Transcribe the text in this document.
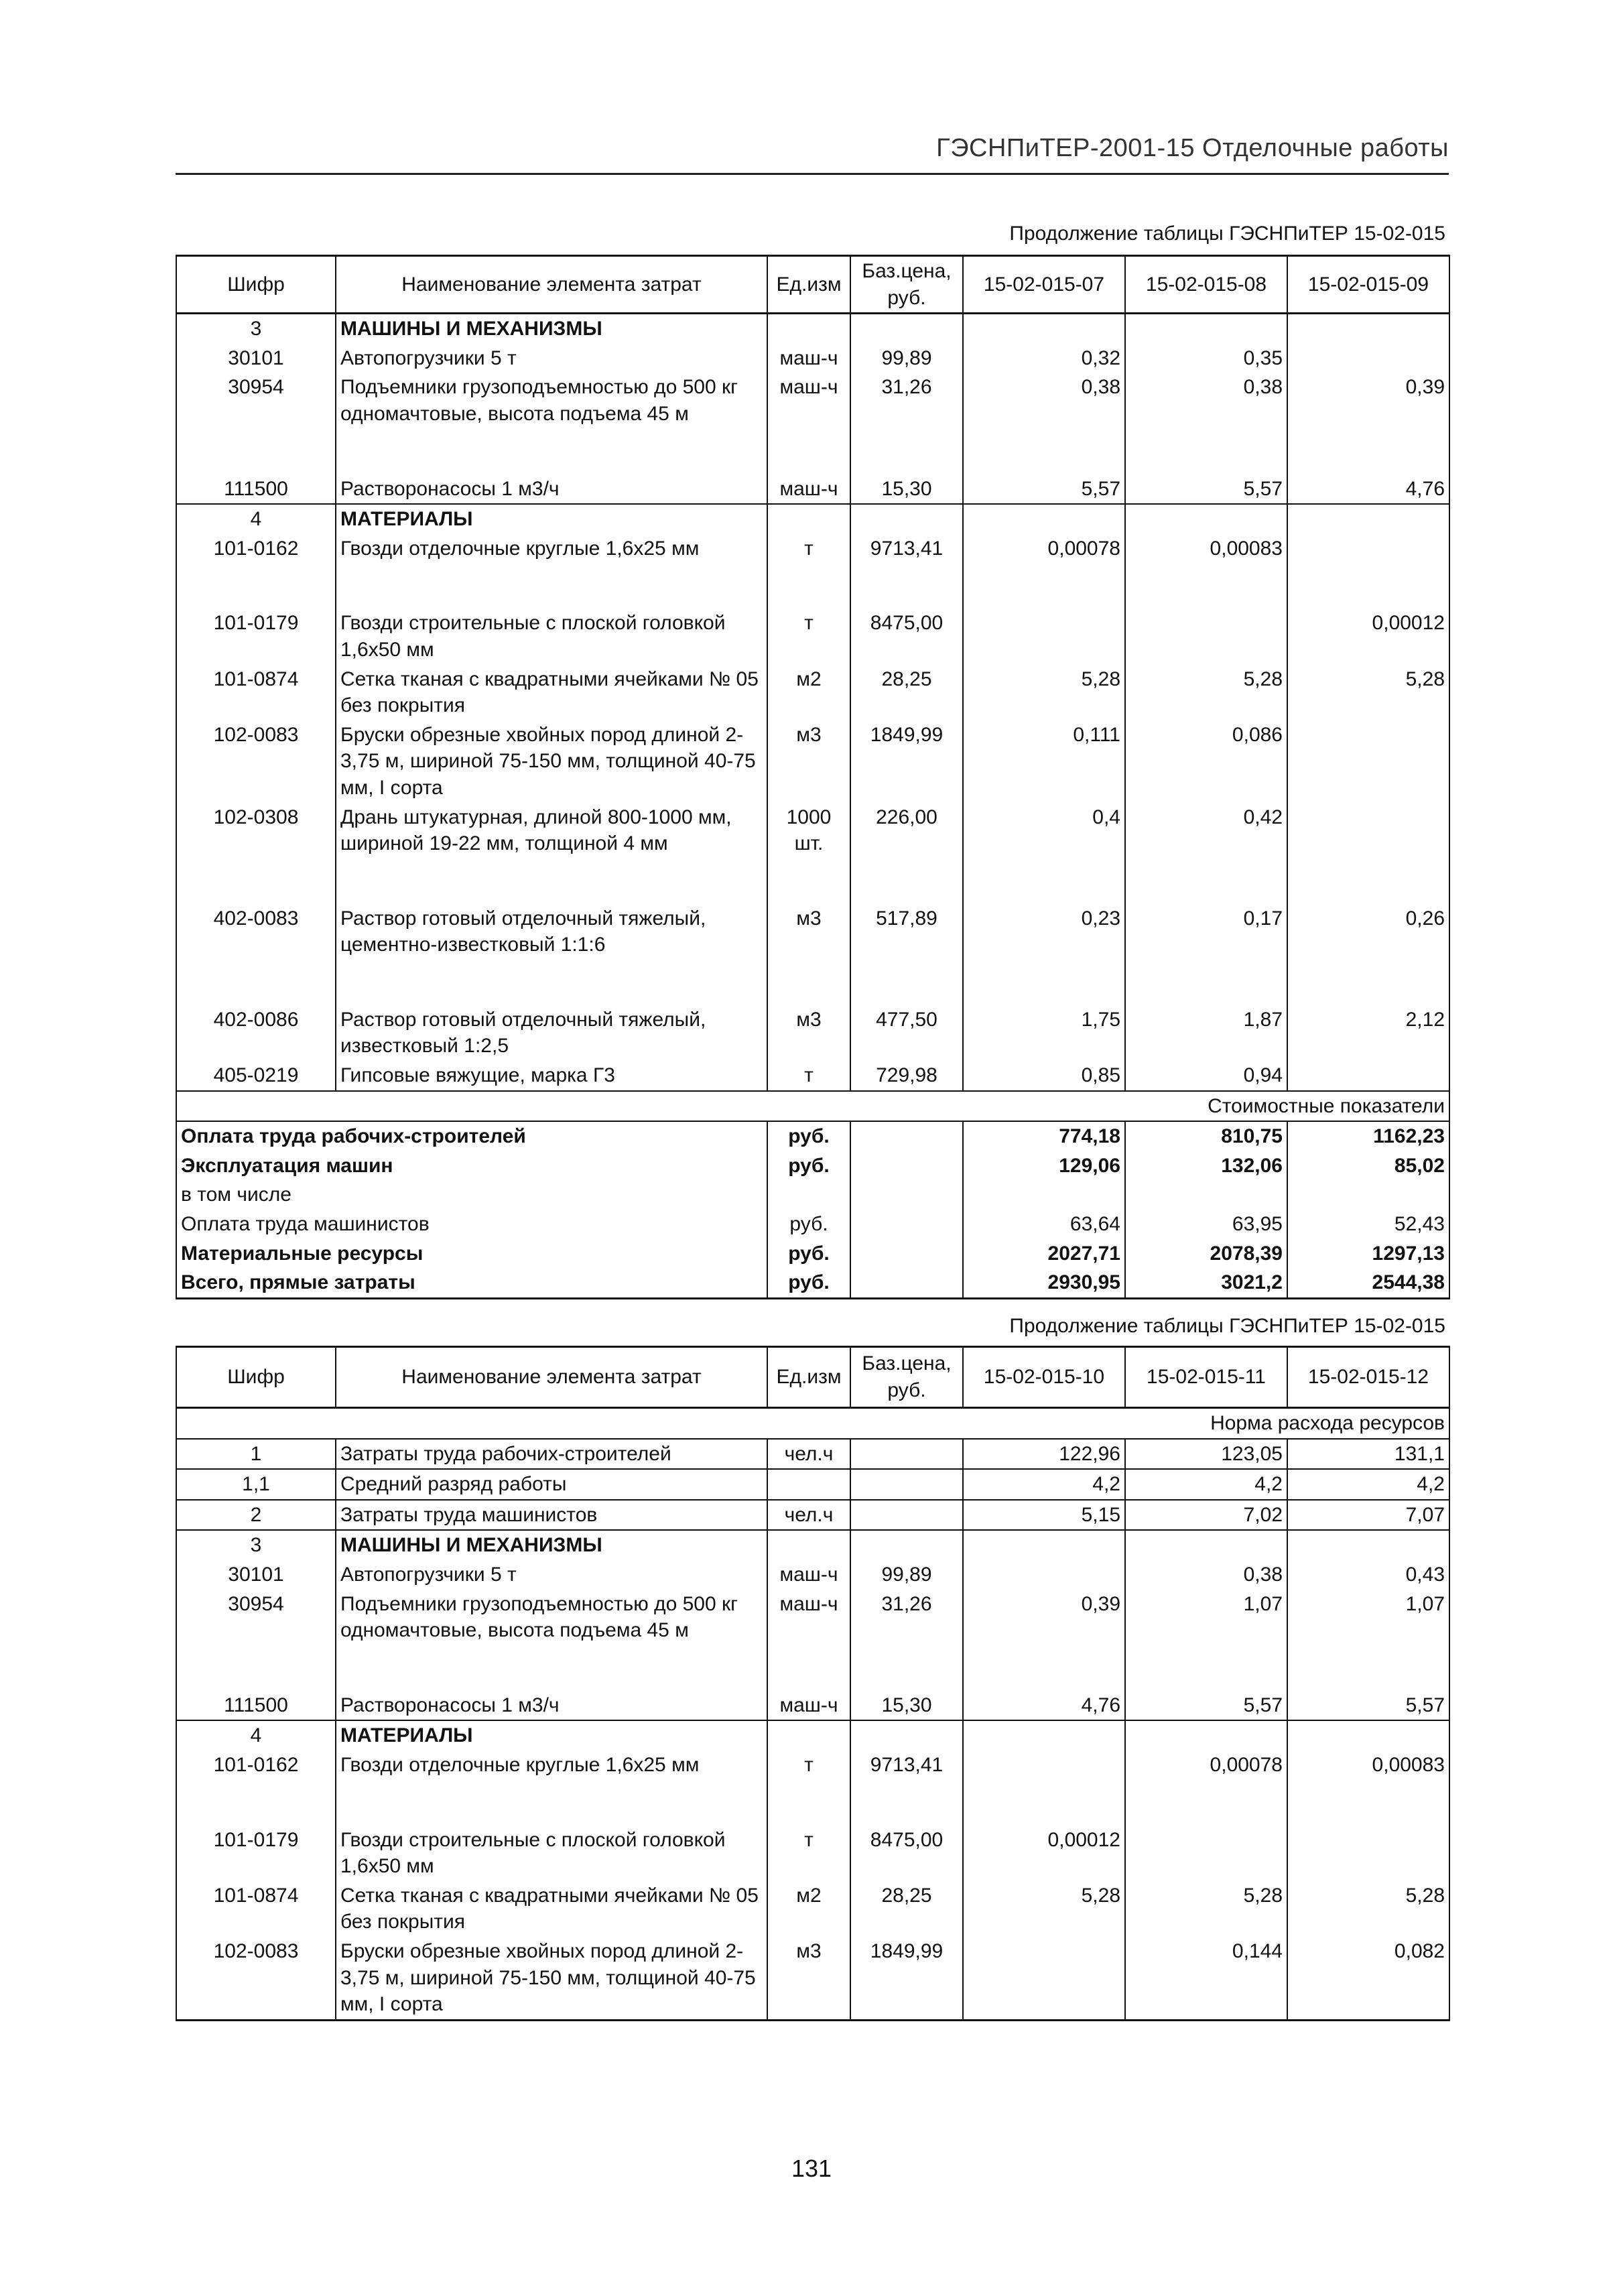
ГЭСНПиТЕР-2001-15 Отделочные работы
Продолжение таблицы ГЭСНПиТЕР 15-02-015
Шифр	Наименование элемента затрат	Ед.изм	Баз.цена, руб.	15-02-015-07	15-02-015-08	15-02-015-09
3	МАШИНЫ И МЕХАНИЗМЫ					
30101	Автопогрузчики 5 т	маш-ч	99,89	0,32	0,35	
30954	Подъемники грузоподъемностью до 500 кг одномачтовые, высота подъема 45 м	маш-ч	31,26	0,38	0,38	0,39

111500	Растворонасосы 1 м3/ч	маш-ч	15,30	5,57	5,57	4,76
4	МАТЕРИАЛЫ					
101-0162	Гвозди отделочные круглые 1,6х25 мм	т	9713,41	0,00078	0,00083	

101-0179	Гвозди строительные с плоской головкой 1,6х50 мм	т	8475,00			0,00012
101-0874	Сетка тканая с квадратными ячейками № 05 без покрытия	м2	28,25	5,28	5,28	5,28
102-0083	Бруски обрезные хвойных пород длиной 2-3,75 м, шириной 75-150 мм, толщиной 40-75 мм, I сорта	м3	1849,99	0,111	0,086	
102-0308	Дрань штукатурная, длиной 800-1000 мм, шириной 19-22 мм, толщиной 4 мм	1000 шт.	226,00	0,4	0,42	

402-0083	Раствор готовый отделочный тяжелый, цементно-известковый 1:1:6	м3	517,89	0,23	0,17	0,26

402-0086	Раствор готовый отделочный тяжелый, известковый 1:2,5	м3	477,50	1,75	1,87	2,12
405-0219	Гипсовые вяжущие, марка Г3	т	729,98	0,85	0,94	
Стоимостные показатели						
Оплата труда рабочих-строителей		руб.		774,18	810,75	1162,23
Эксплуатация машин		руб.		129,06	132,06	85,02
в том числе						
Оплата труда машинистов		руб.		63,64	63,95	52,43
Материальные ресурсы		руб.		2027,71	2078,39	1297,13
Всего, прямые затраты		руб.		2930,95	3021,2	2544,38
Продолжение таблицы ГЭСНПиТЕР 15-02-015
Шифр	Наименование элемента затрат	Ед.изм	Баз.цена, руб.	15-02-015-10	15-02-015-11	15-02-015-12
Норма расхода ресурсов						
1	Затраты труда рабочих-строителей	чел.ч		122,96	123,05	131,1
1,1	Средний разряд работы			4,2	4,2	4,2
2	Затраты труда машинистов	чел.ч		5,15	7,02	7,07
3	МАШИНЫ И МЕХАНИЗМЫ					
30101	Автопогрузчики 5 т	маш-ч	99,89		0,38	0,43
30954	Подъемники грузоподъемностью до 500 кг одномачтовые, высота подъема 45 м	маш-ч	31,26	0,39	1,07	1,07

111500	Растворонасосы 1 м3/ч	маш-ч	15,30	4,76	5,57	5,57
4	МАТЕРИАЛЫ					
101-0162	Гвозди отделочные круглые 1,6х25 мм	т	9713,41		0,00078	0,00083

101-0179	Гвозди строительные с плоской головкой 1,6х50 мм	т	8475,00	0,00012		
101-0874	Сетка тканая с квадратными ячейками № 05 без покрытия	м2	28,25	5,28	5,28	5,28
102-0083	Бруски обрезные хвойных пород длиной 2-3,75 м, шириной 75-150 мм, толщиной 40-75 мм, I сорта	м3	1849,99		0,144	0,082
131
